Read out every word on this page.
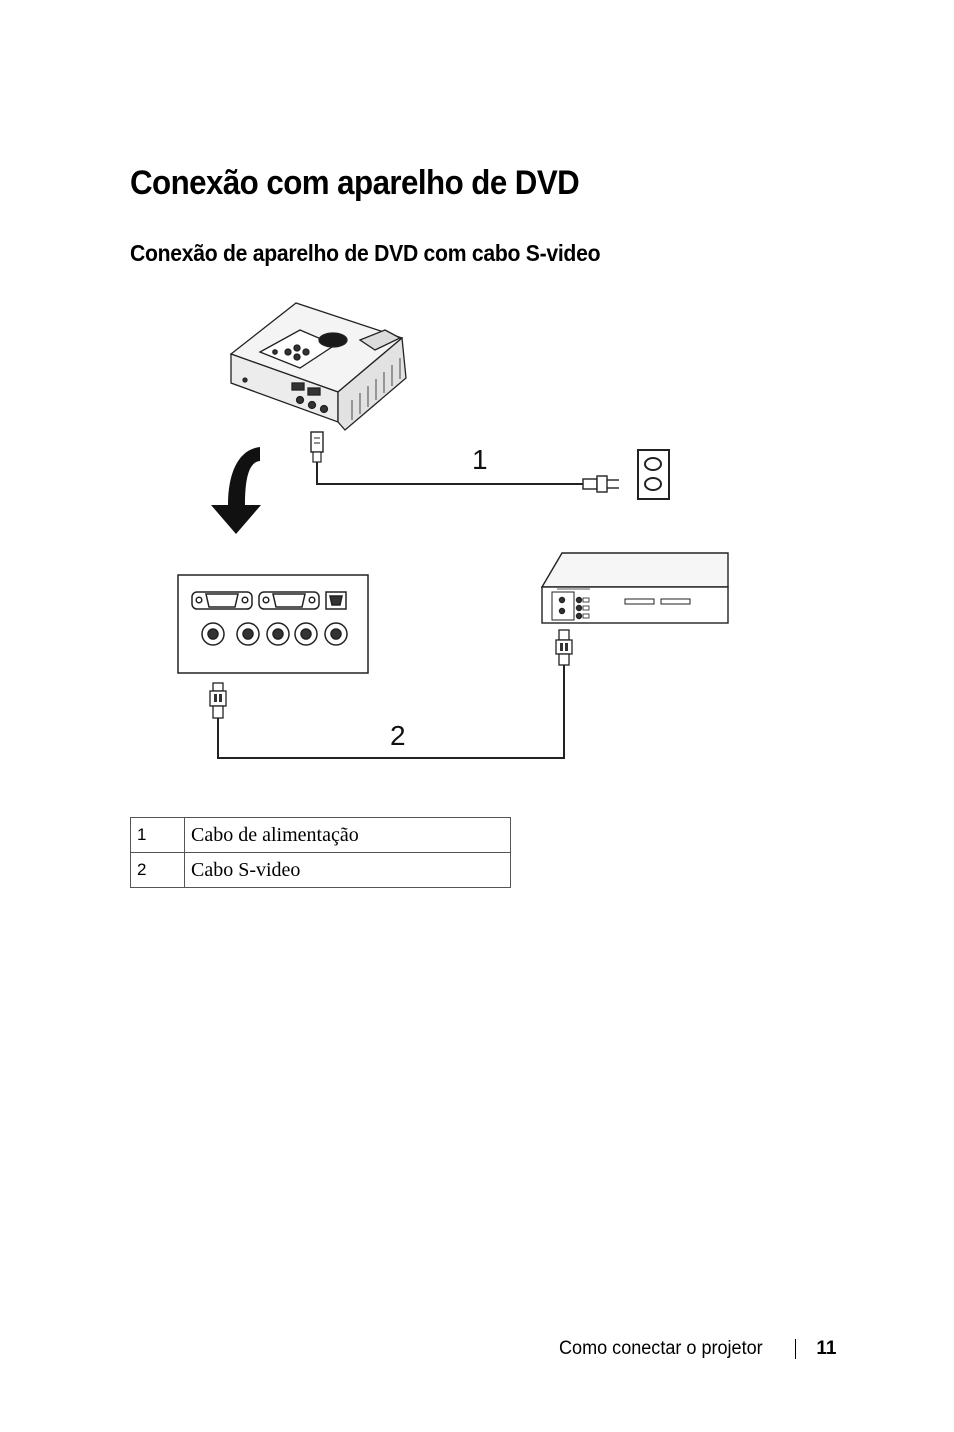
Conexão com aparelho de DVD
Conexão de aparelho de DVD com cabo S-video
1
2
1	Cabo de alimentação
2	Cabo S-video
Como conectar o projetor	11
